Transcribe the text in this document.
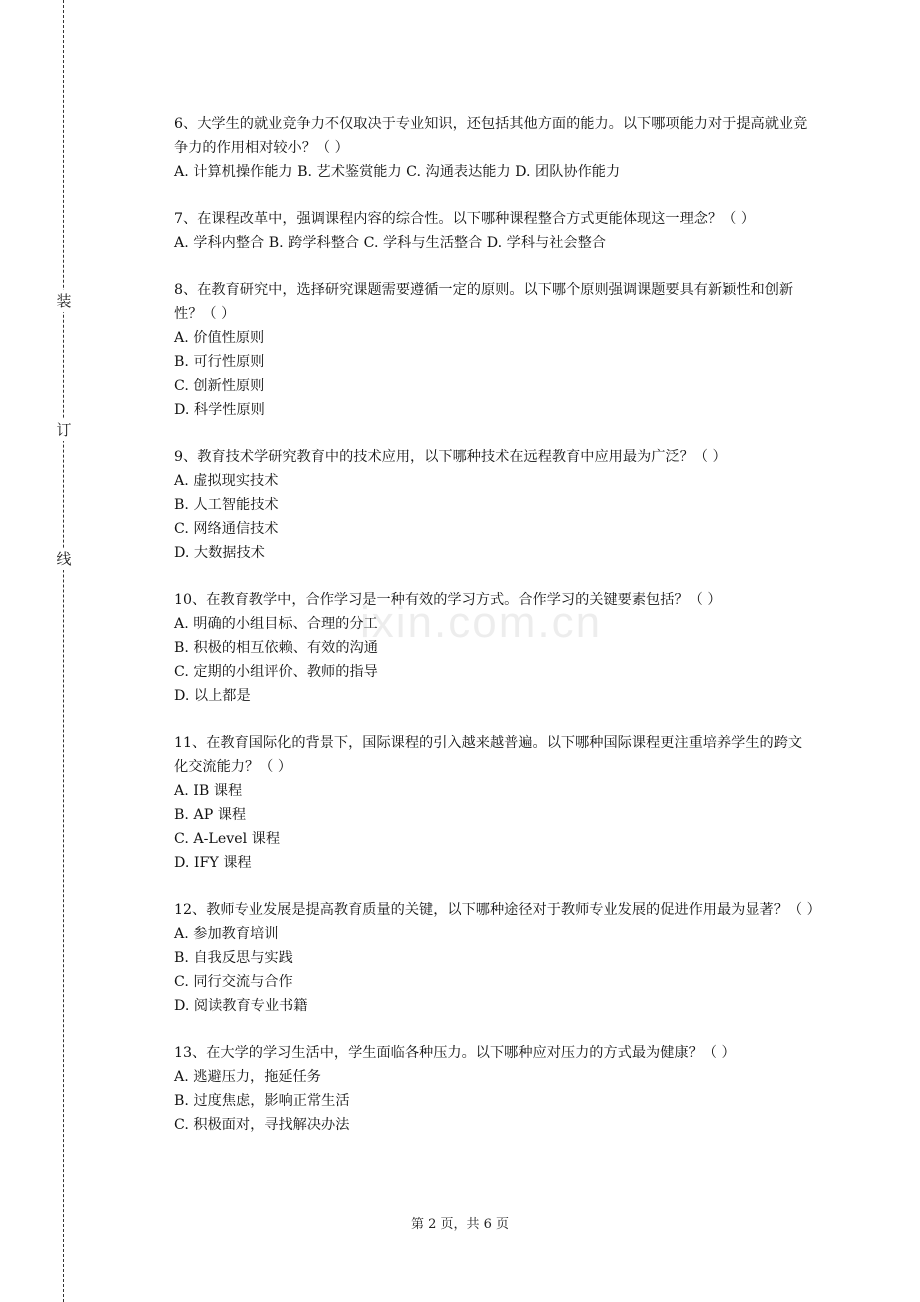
装
订
线
ixin.com.cn

6、大学生的就业竞争力不仅取决于专业知识，还包括其他方面的能力。以下哪项能力对于提高就业竞争力的作用相对较小？（ ）

A. 计算机操作能力 B. 艺术鉴赏能力 C. 沟通表达能力 D. 团队协作能力

7、在课程改革中，强调课程内容的综合性。以下哪种课程整合方式更能体现这一理念？（ ）

A. 学科内整合 B. 跨学科整合 C. 学科与生活整合 D. 学科与社会整合

8、在教育研究中，选择研究课题需要遵循一定的原则。以下哪个原则强调课题要具有新颖性和创新性？（ ）

A. 价值性原则

B. 可行性原则

C. 创新性原则

D. 科学性原则

9、教育技术学研究教育中的技术应用，以下哪种技术在远程教育中应用最为广泛？（ ）

A. 虚拟现实技术

B. 人工智能技术

C. 网络通信技术

D. 大数据技术

10、在教育教学中，合作学习是一种有效的学习方式。合作学习的关键要素包括？（ ）

A. 明确的小组目标、合理的分工

B. 积极的相互依赖、有效的沟通

C. 定期的小组评价、教师的指导

D. 以上都是

11、在教育国际化的背景下，国际课程的引入越来越普遍。以下哪种国际课程更注重培养学生的跨文化交流能力？（ ）

A. IB 课程

B. AP 课程

C. A-Level 课程

D. IFY 课程

12、教师专业发展是提高教育质量的关键，以下哪种途径对于教师专业发展的促进作用最为显著？（ ）

A. 参加教育培训

B. 自我反思与实践

C. 同行交流与合作

D. 阅读教育专业书籍

13、在大学的学习生活中，学生面临各种压力。以下哪种应对压力的方式最为健康？（ ）

A. 逃避压力，拖延任务

B. 过度焦虑，影响正常生活

C. 积极面对，寻找解决办法

第 2 页，共 6 页
